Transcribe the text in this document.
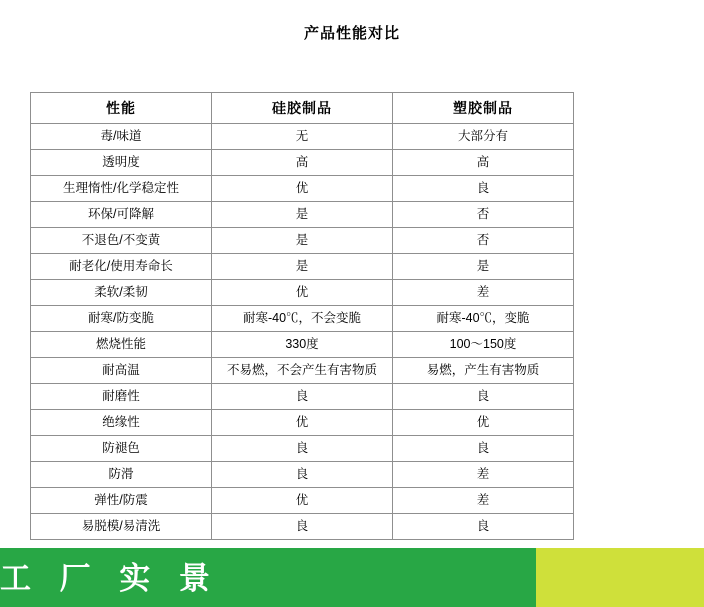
产品性能对比
性能	硅胶制品	塑胶制品
毒/味道	无	大部分有
透明度	高	高
生理惰性/化学稳定性	优	良
环保/可降解	是	否
不退色/不变黄	是	否
耐老化/使用寿命长	是	是
柔软/柔韧	优	差
耐寒/防变脆	耐寒-40℃，不会变脆	耐寒-40℃，变脆
燃烧性能	330度	100～150度
耐高温	不易燃，不会产生有害物质	易燃，产生有害物质

耐磨性	良	良
绝缘性	优	优
防褪色	良	良
防滑	良	差
弹性/防震	优	差
易脱模/易清洗	良	良
工 厂 实 景
